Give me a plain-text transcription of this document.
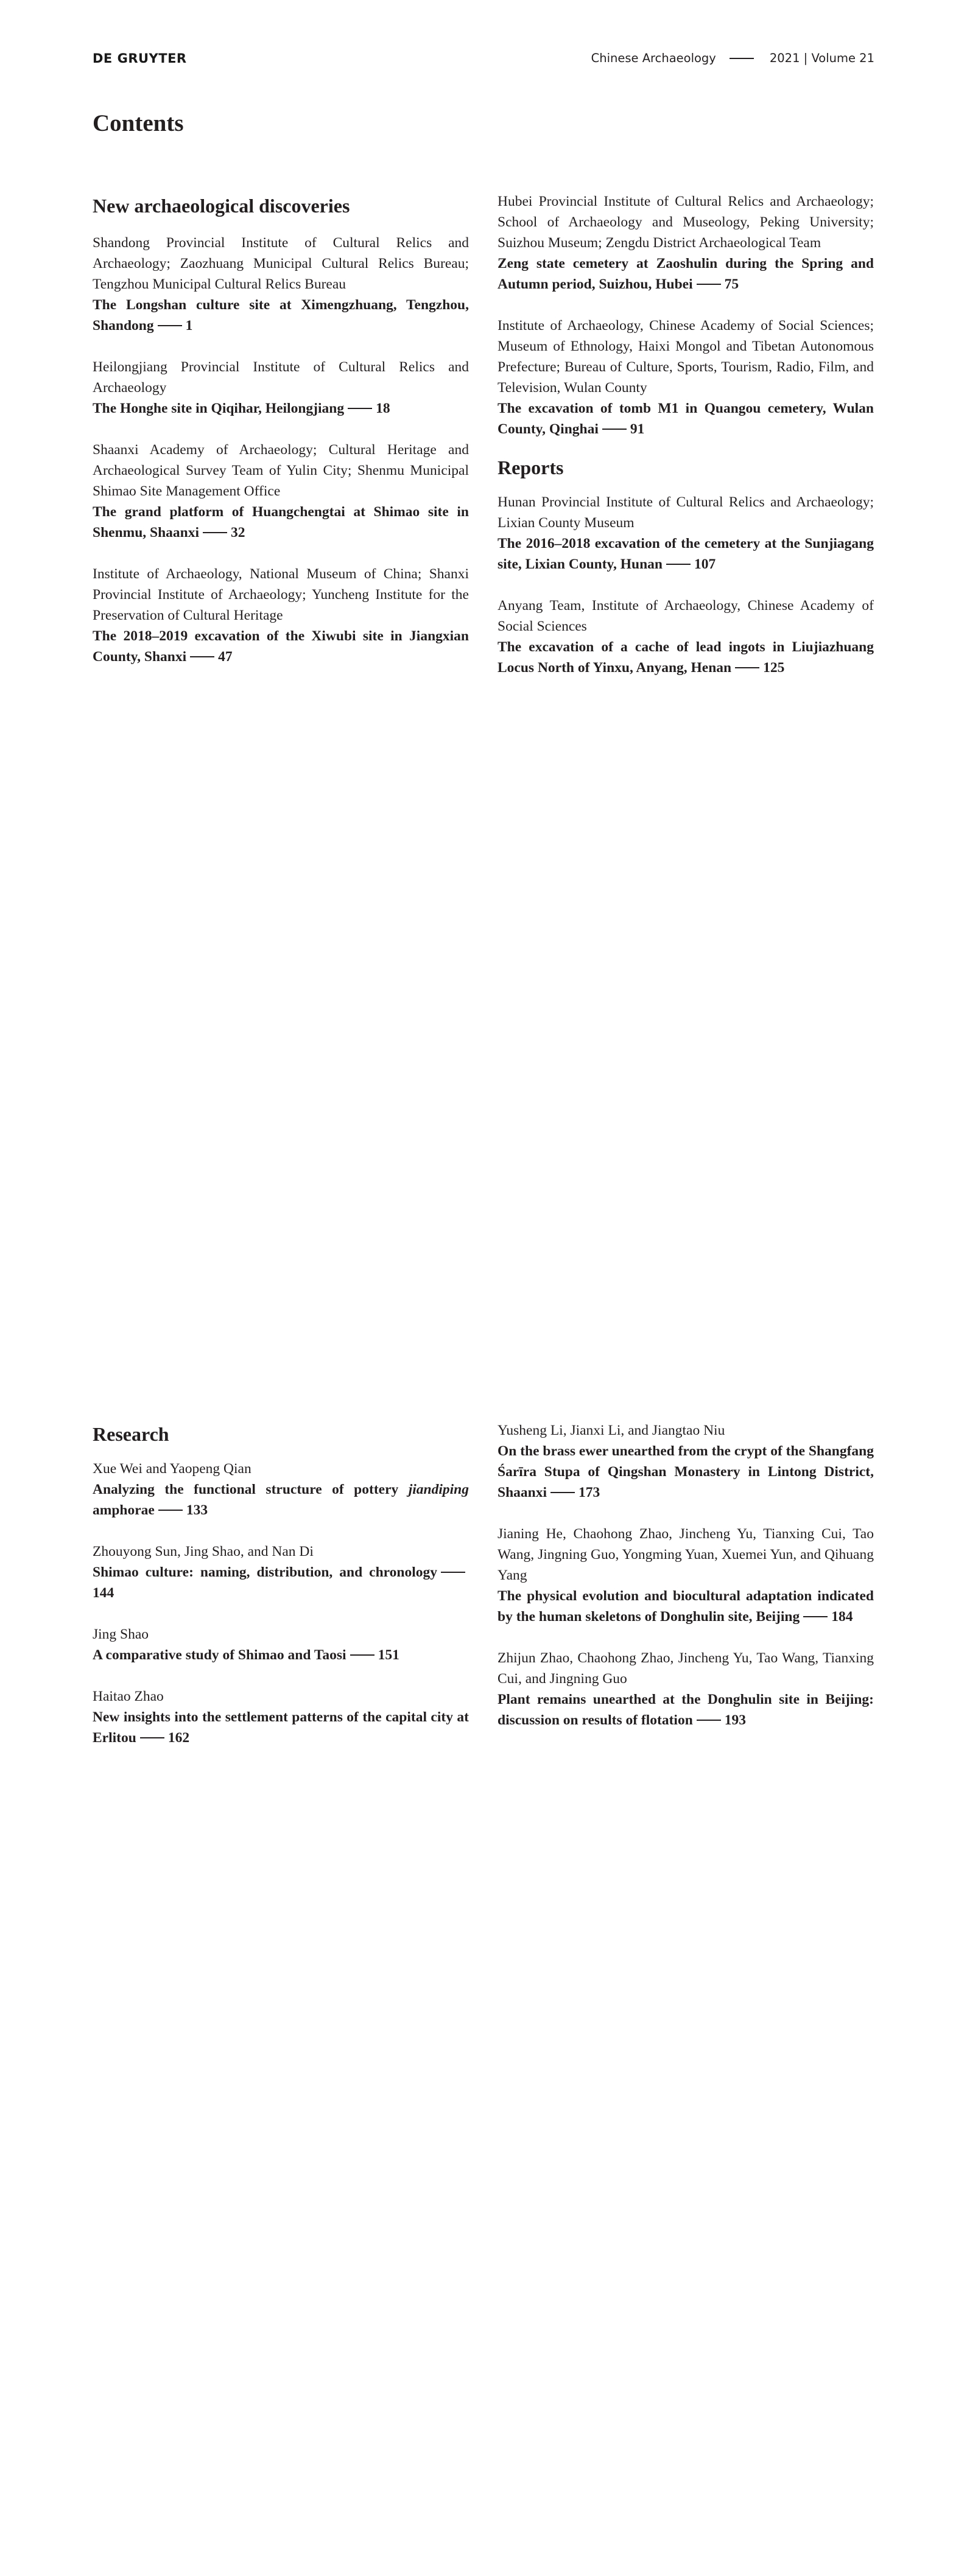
DE GRUYTER	Chinese Archaeology	2021 | Volume 21
Contents
New archaeological discoveries

Shandong Provincial Institute of Cultural Relics and Archaeology; Zaozhuang Municipal Cultural Relics Bureau; Tengzhou Municipal Cultural Relics Bureau

The Longshan culture site at Ximengzhuang, Tengzhou, Shandong 1

Heilongjiang Provincial Institute of Cultural Relics and Archaeology

The Honghe site in Qiqihar, Heilongjiang 18

Shaanxi Academy of Archaeology; Cultural Heritage and Archaeological Survey Team of Yulin City; Shenmu Municipal Shimao Site Management Office

The grand platform of Huangchengtai at Shimao site in Shenmu, Shaanxi 32

Institute of Archaeology, National Museum of China; Shanxi Provincial Institute of Archaeology; Yuncheng Institute for the Preservation of Cultural Heritage

The 2018–2019 excavation of the Xiwubi site in Jiangxian County, Shanxi 47

Hubei Provincial Institute of Cultural Relics and Archaeology; School of Archaeology and Museology, Peking University; Suizhou Museum; Zengdu District Archaeological Team

Zeng state cemetery at Zaoshulin during the Spring and Autumn period, Suizhou, Hubei 75

Institute of Archaeology, Chinese Academy of Social Sciences; Museum of Ethnology, Haixi Mongol and Tibetan Autonomous Prefecture; Bureau of Culture, Sports, Tourism, Radio, Film, and Television, Wulan County

The excavation of tomb M1 in Quangou cemetery, Wulan County, Qinghai 91

Reports

Hunan Provincial Institute of Cultural Relics and Archaeology; Lixian County Museum

The 2016–2018 excavation of the cemetery at the Sunjiagang site, Lixian County, Hunan 107

Anyang Team, Institute of Archaeology, Chinese Academy of Social Sciences

The excavation of a cache of lead ingots in Liujiazhuang Locus North of Yinxu, Anyang, Henan 125

Research

Xue Wei and Yaopeng Qian

Analyzing the functional structure of pottery jiandiping amphorae 133

Zhouyong Sun, Jing Shao, and Nan Di

Shimao culture: naming, distribution, and chronology144

Jing Shao

A comparative study of Shimao and Taosi 151

Haitao Zhao

New insights into the settlement patterns of the capital city at Erlitou 162

Yusheng Li, Jianxi Li, and Jiangtao Niu

On the brass ewer unearthed from the crypt of the Shangfang Śarīra Stupa of Qingshan Monastery in Lintong District, Shaanxi 173

Jianing He, Chaohong Zhao, Jincheng Yu, Tianxing Cui, Tao Wang, Jingning Guo, Yongming Yuan, Xuemei Yun, and Qihuang Yang

The physical evolution and biocultural adaptation indicated by the human skeletons of Donghulin site, Beijing 184

Zhijun Zhao, Chaohong Zhao, Jincheng Yu, Tao Wang, Tianxing Cui, and Jingning Guo

Plant remains unearthed at the Donghulin site in Beijing: discussion on results of flotation 193
